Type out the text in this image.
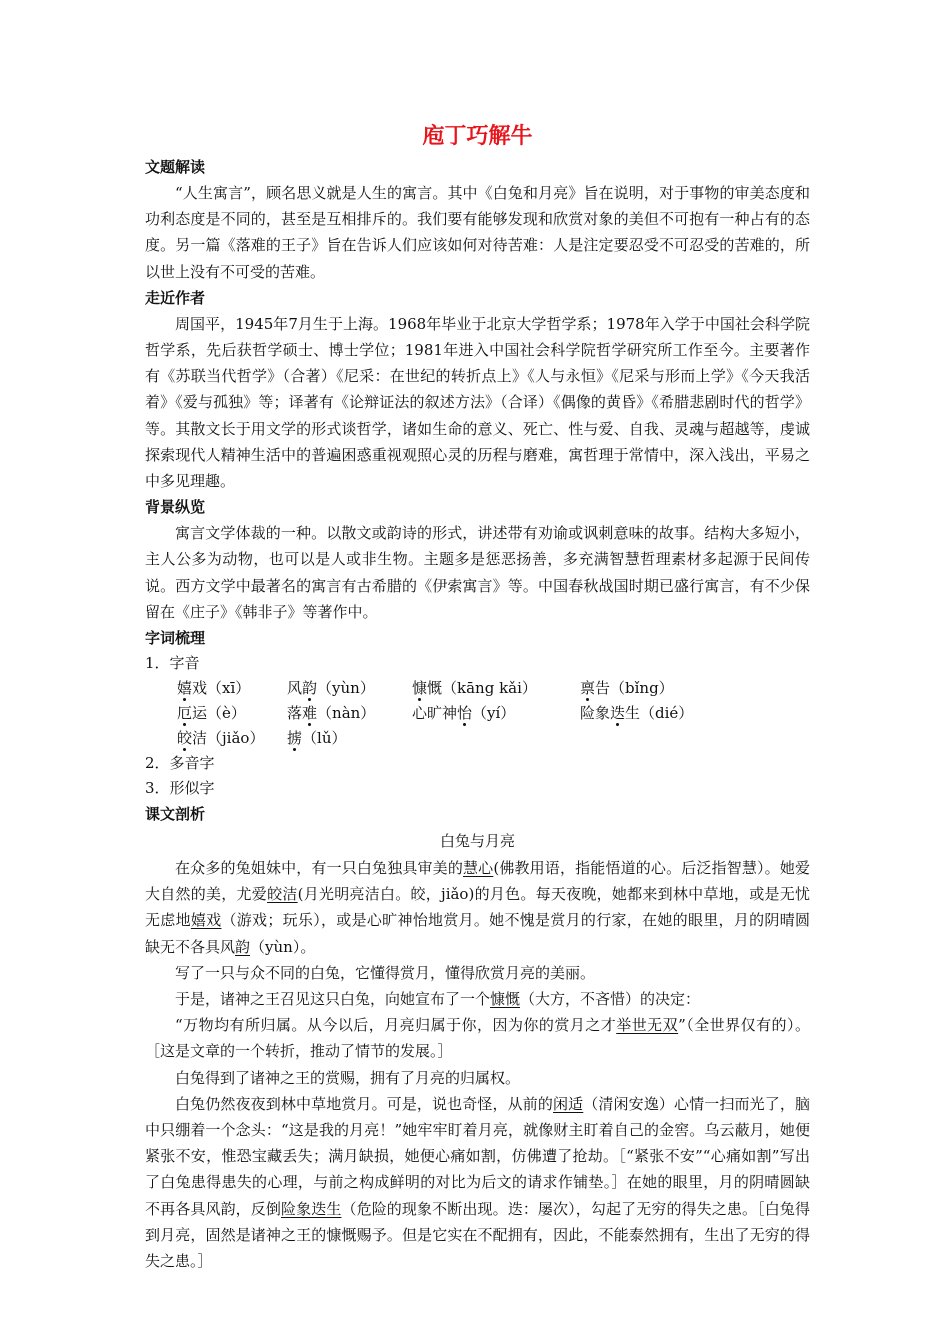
庖丁巧解牛
文题解读
“人生寓言”，顾名思义就是人生的寓言。其中《白兔和月亮》旨在说明，对于事物的审美态度和功利态度是不同的，甚至是互相排斥的。我们要有能够发现和欣赏对象的美但不可抱有一种占有的态度。另一篇《落难的王子》旨在告诉人们应该如何对待苦难：人是注定要忍受不可忍受的苦难的，所以世上没有不可受的苦难。
走近作者
周国平，1945年7月生于上海。1968年毕业于北京大学哲学系；1978年入学于中国社会科学院哲学系，先后获哲学硕士、博士学位；1981年进入中国社会科学院哲学研究所工作至今。主要著作有《苏联当代哲学》（合著）《尼采：在世纪的转折点上》《人与永恒》《尼采与形而上学》《今天我活着》《爱与孤独》等；译著有《论辩证法的叙述方法》（合译）《偶像的黄昏》《希腊悲剧时代的哲学》等。其散文长于用文学的形式谈哲学，诸如生命的意义、死亡、性与爱、自我、灵魂与超越等，虔诚探索现代人精神生活中的普遍困惑重视观照心灵的历程与磨难，寓哲理于常情中，深入浅出，平易之中多见理趣。
背景纵览
寓言文学体裁的一种。以散文或韵诗的形式，讲述带有劝谕或讽刺意味的故事。结构大多短小，主人公多为动物，也可以是人或非生物。主题多是惩恶扬善，多充满智慧哲理素材多起源于民间传说。西方文学中最著名的寓言有古希腊的《伊索寓言》等。中国春秋战国时期已盛行寓言，有不少保留在《庄子》《韩非子》等著作中。
字词梳理
1．字音
嬉戏（xī）	风韵（yùn）	慷慨（kāng kǎi）	禀告（bǐng）
厄运（è）	落难（nàn）	心旷神怡（yí）	险象迭生（dié）
皎洁（jiǎo）	掳（lǔ）
2．多音字
3．形似字
课文剖析
白兔与月亮
在众多的兔姐妹中，有一只白兔独具审美的慧心(佛教用语，指能悟道的心。后泛指智慧）。她爱大自然的美，尤爱皎洁(月光明亮洁白。皎，jiǎo)的月色。每天夜晚，她都来到林中草地，或是无忧无虑地嬉戏（游戏；玩乐），或是心旷神怡地赏月。她不愧是赏月的行家，在她的眼里，月的阴晴圆缺无不各具风韵（yùn）。
写了一只与众不同的白兔，它懂得赏月，懂得欣赏月亮的美丽。
于是，诸神之王召见这只白兔，向她宣布了一个慷慨（大方，不吝惜）的决定：
“万物均有所归属。从今以后，月亮归属于你，因为你的赏月之才举世无双”（全世界仅有的）。［这是文章的一个转折，推动了情节的发展。］
白兔得到了诸神之王的赏赐，拥有了月亮的归属权。
白兔仍然夜夜到林中草地赏月。可是，说也奇怪，从前的闲适（清闲安逸）心情一扫而光了，脑中只绷着一个念头：“这是我的月亮！”她牢牢盯着月亮，就像财主盯着自己的金窖。乌云蔽月，她便紧张不安，惟恐宝藏丢失；满月缺损，她便心痛如割，仿佛遭了抢劫。［“紧张不安”“心痛如割”写出了白兔患得患失的心理，与前之构成鲜明的对比为后文的请求作铺垫。］在她的眼里，月的阴晴圆缺不再各具风韵，反倒险象迭生（危险的现象不断出现。迭：屡次），勾起了无穷的得失之患。［白兔得到月亮，固然是诸神之王的慷慨赐予。但是它实在不配拥有，因此，不能泰然拥有，生出了无穷的得失之患。］
